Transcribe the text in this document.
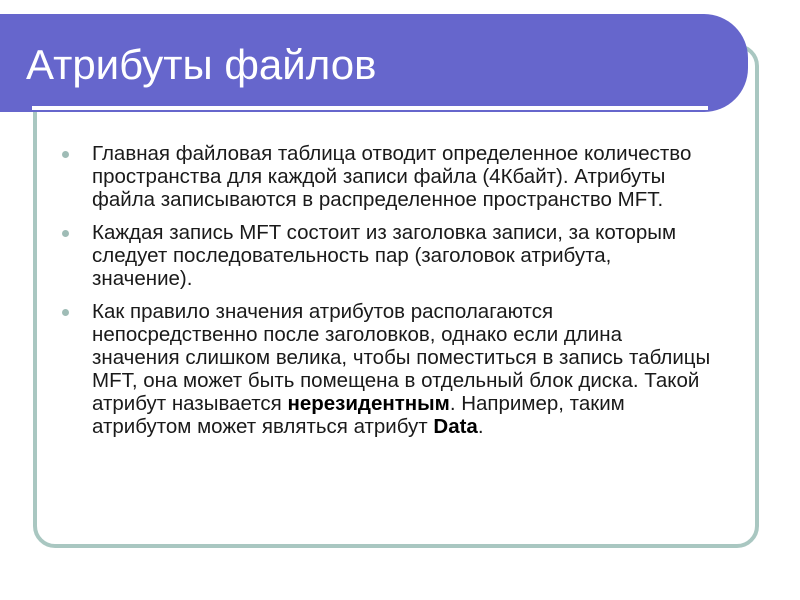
Атрибуты файлов
Главная файловая таблица отводит определенное количество пространства для каждой записи файла (4Кбайт). Атрибуты файла записываются в распределенное пространство MFT.
Каждая запись MFT состоит из заголовка записи, за которым следует последовательность пар (заголовок атрибута, значение).
Как правило значения атрибутов располагаются непосредственно после заголовков, однако если длина значения слишком велика, чтобы поместиться в запись таблицы MFT, она может быть помещена в отдельный блок диска. Такой атрибут называется нерезидентным. Например, таким атрибутом может являться атрибут Data.
